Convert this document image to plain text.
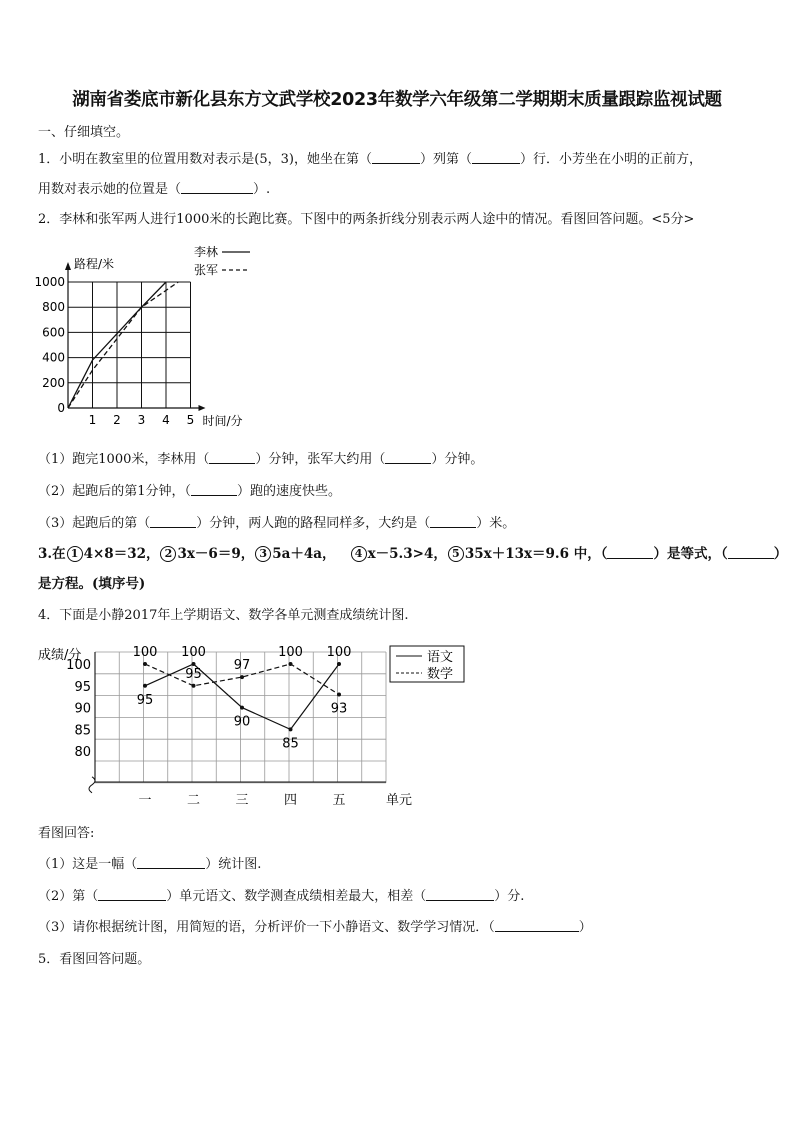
湖南省娄底市新化县东方文武学校2023年数学六年级第二学期期末质量跟踪监视试题
一、仔细填空。
1．小明在教室里的位置用数对表示是(5，3)，她坐在第（	）列第（	）行．小芳坐在小明的正前方，
用数对表示她的位置是（	）.
2．李林和张军两人进行1000米的长跑比赛。下图中的两条折线分别表示两人途中的情况。看图回答问题。<5分>
0
200
400
600
800
1000
1 2 3 4 5
路程/米
时间/分
李林
张军
（1）跑完1000米，李林用（	）分钟，张军大约用（	）分钟。
（2）起跑后的第1分钟，（	）跑的速度快些。
（3）起跑后的第（	）分钟，两人跑的路程同样多，大约是（	）米。
3.在 1 4×8＝32， 2 3x－6＝9， 3 5a＋4a， 4 x－5.3>4， 5 35x＋13x＝9.6 中，（	）是等式，（	）
是方程。(填序号)
4．下面是小静2017年上学期语文、数学各单元测查成绩统计图.
80
85
90
95
100
成绩/分
一	二	三	四	五	单元
95
100
90
85
100
100
95
97
100
93
语文
数学
看图回答:
（1）这是一幅（	）统计图.
（2）第（	）单元语文、数学测查成绩相差最大，相差（	）分.
（3）请你根据统计图，用简短的语，分析评价一下小静语文、数学学习情况．（	）
5．看图回答问题。
